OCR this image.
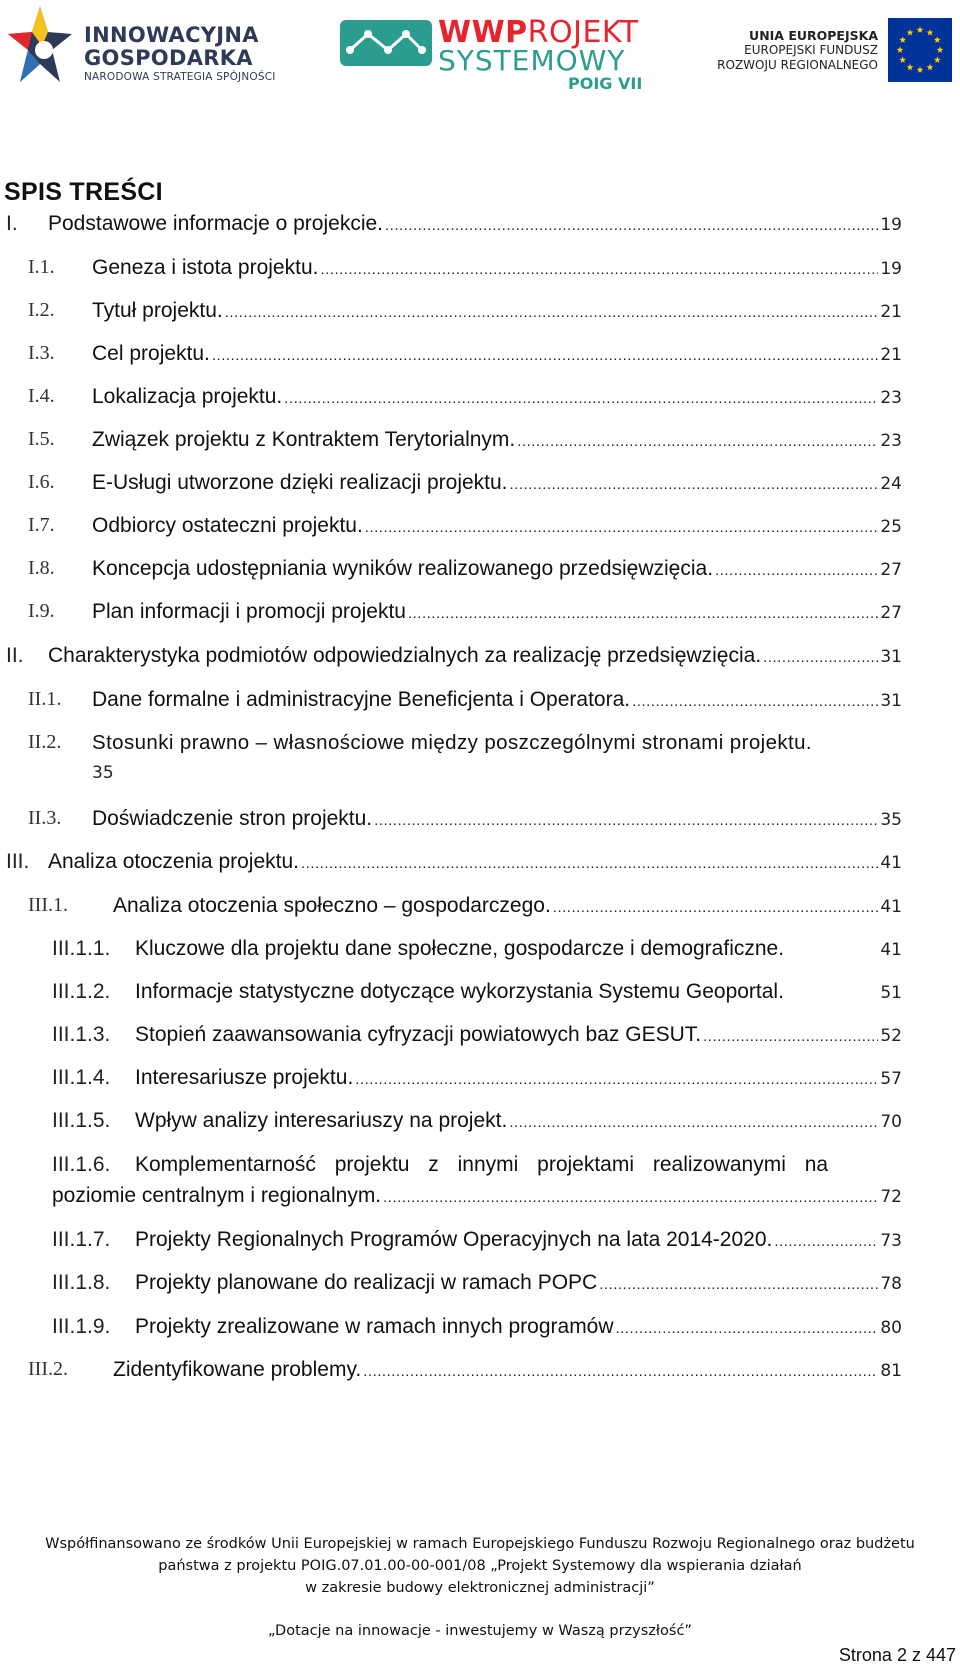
INNOWACYJNA
GOSPODARKA
NARODOWA STRATEGIA SPÓJNOŚCI
WWPROJEKT
SYSTEMOWY
POIG VII
UNIA EUROPEJSKA
EUROPEJSKI FUNDUSZ
ROZWOJU REGIONALNEGO
SPIS TREŚCI
I. Podstawowe informacje o projekcie. .....	19
I.1. Geneza i istota projektu. .....	19
I.2. Tytuł projektu. .....	21
I.3. Cel projektu. .....	21
I.4. Lokalizacja projektu. .....	23
I.5. Związek projektu z Kontraktem Terytorialnym. .....	23
I.6. E-Usługi utworzone dzięki realizacji projektu. .....	24
I.7. Odbiorcy ostateczni projektu. .....	25
I.8. Koncepcja udostępniania wyników realizowanego przedsięwzięcia. .....	27
I.9. Plan informacji i promocji projektu .....	27
II. Charakterystyka podmiotów odpowiedzialnych za realizację przedsięwzięcia. .....	31
II.1. Dane formalne i administracyjne Beneficjenta i Operatora. .....	31
II.2. Stosunki prawno – własnościowe między poszczególnymi stronami projektu.
35
II.3. Doświadczenie stron projektu. .....	35
III. Analiza otoczenia projektu. .....	41
III.1. Analiza otoczenia społeczno – gospodarczego. .....	41
III.1.1. Kluczowe dla projektu dane społeczne, gospodarcze i demograficzne.	41
III.1.2. Informacje statystyczne dotyczące wykorzystania Systemu Geoportal.	51
III.1.3. Stopień zaawansowania cyfryzacji powiatowych baz GESUT. .....	52
III.1.4. Interesariusze projektu. .....	57
III.1.5. Wpływ analizy interesariuszy na projekt. .....	70
III.1.6. Komplementarność projektu z innymi projektami realizowanymi na
poziomie centralnym i regionalnym. .....	72
III.1.7. Projekty Regionalnych Programów Operacyjnych na lata 2014-2020. .....	73
III.1.8. Projekty planowane do realizacji w ramach POPC .....	78
III.1.9. Projekty zrealizowane w ramach innych programów .....	80
III.2. Zidentyfikowane problemy. .....	81
Współfinansowano ze środków Unii Europejskiej w ramach Europejskiego Funduszu Rozwoju Regionalnego oraz budżetu
państwa z projektu POIG.07.01.00-00-001/08 „Projekt Systemowy dla wspierania działań
w zakresie budowy elektronicznej administracji”
„Dotacje na innowacje - inwestujemy w Waszą przyszłość”
Strona 2 z 447
